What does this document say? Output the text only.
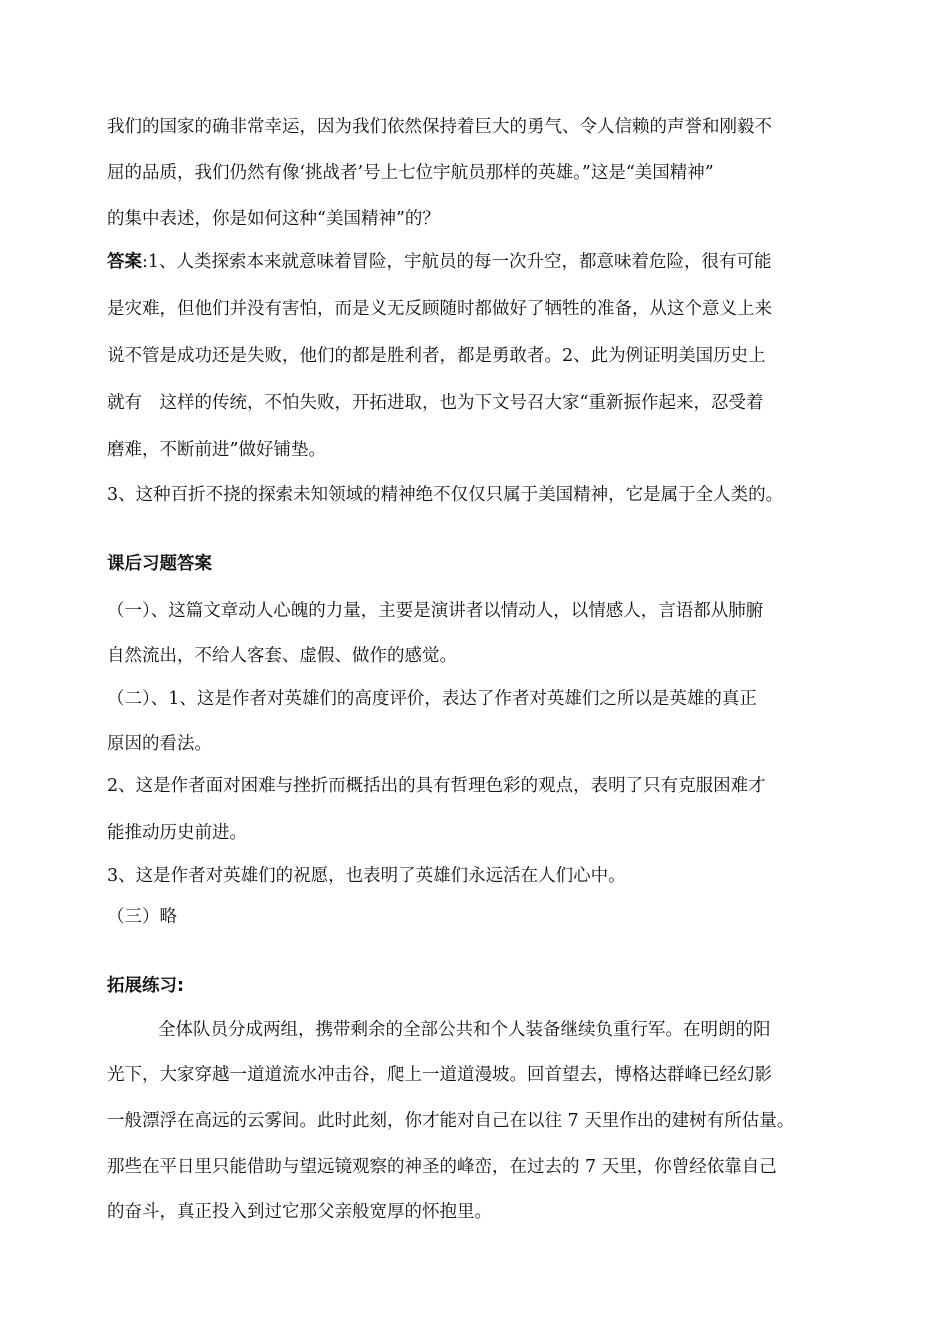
我们的国家的确非常幸运，因为我们依然保持着巨大的勇气、令人信赖的声誉和刚毅不
屈的品质，我们仍然有像‘挑战者’号上七位宇航员那样的英雄。”这是“美国精神”
的集中表述，你是如何这种“美国精神”的？
答案:1、人类探索本来就意味着冒险，宇航员的每一次升空，都意味着危险，很有可能
是灾难，但他们并没有害怕，而是义无反顾随时都做好了牺牲的准备，从这个意义上来
说不管是成功还是失败，他们的都是胜利者，都是勇敢者。2、此为例证明美国历史上
就有　这样的传统，不怕失败，开拓进取，也为下文号召大家“重新振作起来，忍受着
磨难，不断前进”做好铺垫。
3、这种百折不挠的探索未知领域的精神绝不仅仅只属于美国精神，它是属于全人类的。
课后习题答案
（一）、这篇文章动人心魄的力量，主要是演讲者以情动人，以情感人，言语都从肺腑
自然流出，不给人客套、虚假、做作的感觉。
（二）、1、这是作者对英雄们的高度评价，表达了作者对英雄们之所以是英雄的真正
原因的看法。
2、这是作者面对困难与挫折而概括出的具有哲理色彩的观点，表明了只有克服困难才
能推动历史前进。
3、这是作者对英雄们的祝愿，也表明了英雄们永远活在人们心中。
（三）略
拓展练习:
全体队员分成两组，携带剩余的全部公共和个人装备继续负重行军。在明朗的阳
光下，大家穿越一道道流水冲击谷，爬上一道道漫坡。回首望去，博格达群峰已经幻影
一般漂浮在高远的云雾间。此时此刻，你才能对自己在以往 7 天里作出的建树有所估量。
那些在平日里只能借助与望远镜观察的神圣的峰峦，在过去的 7 天里，你曾经依靠自己
的奋斗，真正投入到过它那父亲般宽厚的怀抱里。
